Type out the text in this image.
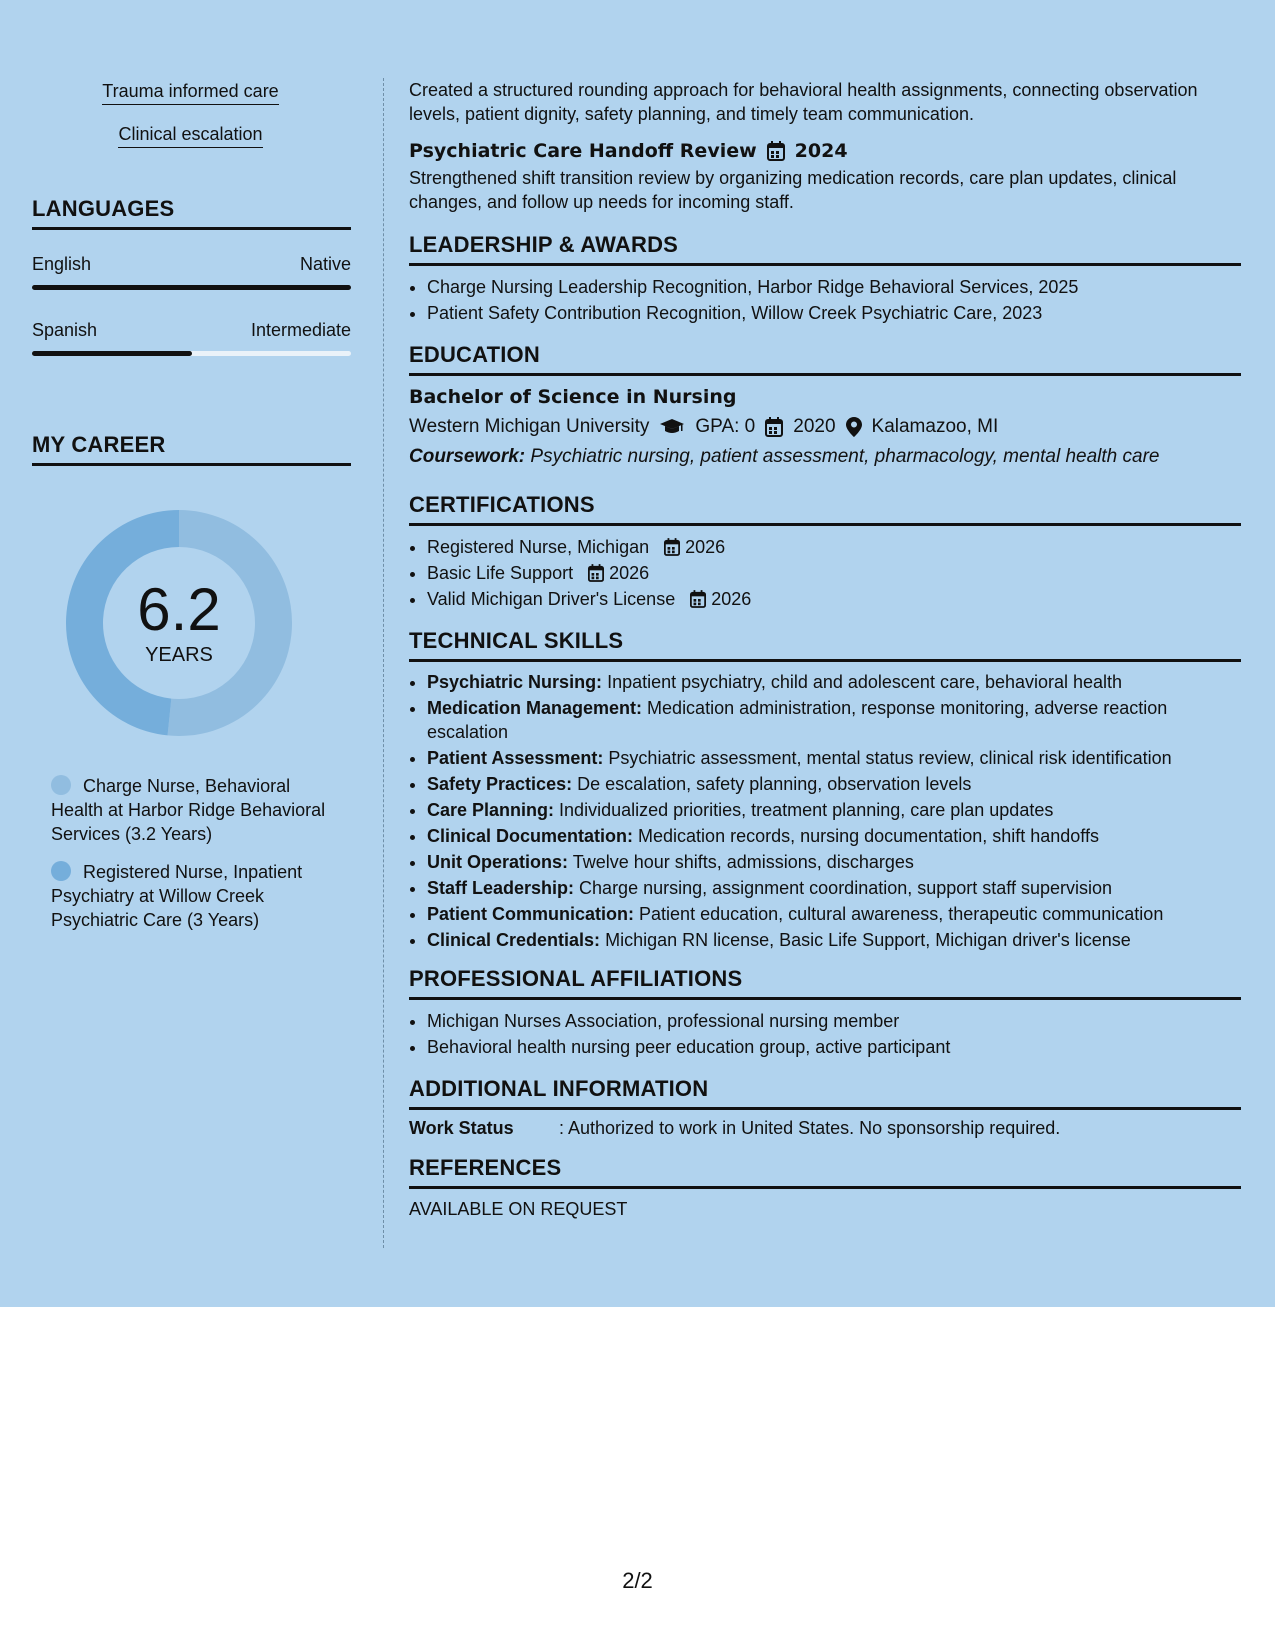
Trauma informed care
Clinical escalation
LANGUAGES
English	Native
Spanish	Intermediate
MY CAREER
6.2
YEARS
Charge Nurse, Behavioral Health at Harbor Ridge Behavioral Services (3.2 Years)
Registered Nurse, Inpatient Psychiatry at Willow Creek Psychiatric Care (3 Years)

Created a structured rounding approach for behavioral health assignments, connecting observation levels, patient dignity, safety planning, and timely team communication.

Psychiatric Care Handoff Review 2024

Strengthened shift transition review by organizing medication records, care plan updates, clinical changes, and follow up needs for incoming staff.

LEADERSHIP & AWARDS
• Charge Nursing Leadership Recognition, Harbor Ridge Behavioral Services, 2025
• Patient Safety Contribution Recognition, Willow Creek Psychiatric Care, 2023
EDUCATION
Bachelor of Science in Nursing
Western Michigan University GPA: 0 2020 Kalamazoo, MI
Coursework: Psychiatric nursing, patient assessment, pharmacology, mental health care
CERTIFICATIONS
• Registered Nurse, Michigan 2026
• Basic Life Support 2026
• Valid Michigan Driver's License 2026
TECHNICAL SKILLS
• Psychiatric Nursing: Inpatient psychiatry, child and adolescent care, behavioral health
• Medication Management: Medication administration, response monitoring, adverse reaction escalation
• Patient Assessment: Psychiatric assessment, mental status review, clinical risk identification
• Safety Practices: De escalation, safety planning, observation levels
• Care Planning: Individualized priorities, treatment planning, care plan updates
• Clinical Documentation: Medication records, nursing documentation, shift handoffs
• Unit Operations: Twelve hour shifts, admissions, discharges
• Staff Leadership: Charge nursing, assignment coordination, support staff supervision
• Patient Communication: Patient education, cultural awareness, therapeutic communication
• Clinical Credentials: Michigan RN license, Basic Life Support, Michigan driver's license
PROFESSIONAL AFFILIATIONS
• Michigan Nurses Association, professional nursing member
• Behavioral health nursing peer education group, active participant
ADDITIONAL INFORMATION
Work Status	: Authorized to work in United States. No sponsorship required.
REFERENCES
AVAILABLE ON REQUEST
2/2
